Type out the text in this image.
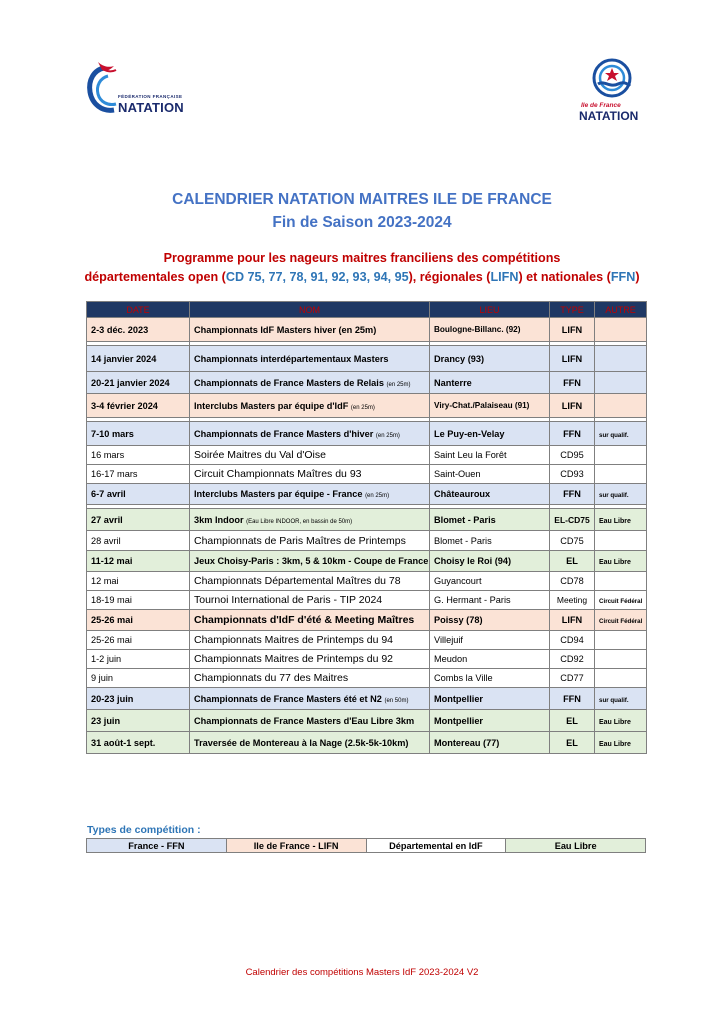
FÉDÉRATION FRANÇAISE
NATATION	Ile de France
NATATION
CALENDRIER NATATION MAITRES ILE DE FRANCE
Fin de Saison 2023-2024
Programme pour les nageurs maitres franciliens des compétitions
départementales open (CD 75, 77, 78, 91, 92, 93, 94, 95), régionales (LIFN) et nationales (FFN)
DATE	NOM	LIEU	TYPE	AUTRE
2-3 déc. 2023	Championnats IdF Masters hiver (en 25m)	Boulogne-Billanc. (92)	LIFN	

14 janvier 2024	Championnats interdépartementaux Masters	Drancy (93)	LIFN	
20-21 janvier 2024	Championnats de France Masters de Relais (en 25m)	Nanterre	FFN	
3-4 février 2024	Interclubs Masters par équipe d'IdF (en 25m)	Viry-Chat./Palaiseau (91)	LIFN	

7-10 mars	Championnats de France Masters d'hiver (en 25m)	Le Puy-en-Velay	FFN	sur qualif.
16 mars	Soirée Maitres du Val d'Oise	Saint Leu la Forêt	CD95	
16-17 mars	Circuit Championnats Maîtres du 93	Saint-Ouen	CD93	
6-7 avril	Interclubs Masters par équipe - France (en 25m)	Châteauroux	FFN	sur qualif.

27 avril	3km Indoor (Eau Libre INDOOR, en bassin de 50m)	Blomet - Paris	EL-CD75	Eau Libre
28 avril	Championnats de Paris Maîtres de Printemps	Blomet - Paris	CD75	
11-12 mai	Jeux Choisy-Paris : 3km, 5 & 10km - Coupe de France	Choisy le Roi (94)	EL	Eau Libre
12 mai	Championnats Départemental Maîtres du 78	Guyancourt	CD78	
18-19 mai	Tournoi International de Paris - TIP 2024	G. Hermant - Paris	Meeting	Circuit Fédéral
25-26 mai	Championnats d'IdF d'été & Meeting Maîtres	Poissy (78)	LIFN	Circuit Fédéral
25-26 mai	Championnats Maitres de Printemps du 94	Villejuif	CD94	
1-2 juin	Championnats Maitres de Printemps du 92	Meudon	CD92	
9 juin	Championnats du 77 des Maitres	Combs la Ville	CD77	
20-23 juin	Championnats de France Masters été et N2 (en 50m)	Montpellier	FFN	sur qualif.
23 juin	Championnats de France Masters d'Eau Libre 3km	Montpellier	EL	Eau Libre
31 août-1 sept.	Traversée de Montereau à la Nage (2.5k-5k-10km)	Montereau (77)	EL	Eau Libre
Types de compétition :
France - FFN	Ile de France - LIFN	Départemental en IdF	Eau Libre
Calendrier des compétitions Masters IdF 2023-2024 V2
